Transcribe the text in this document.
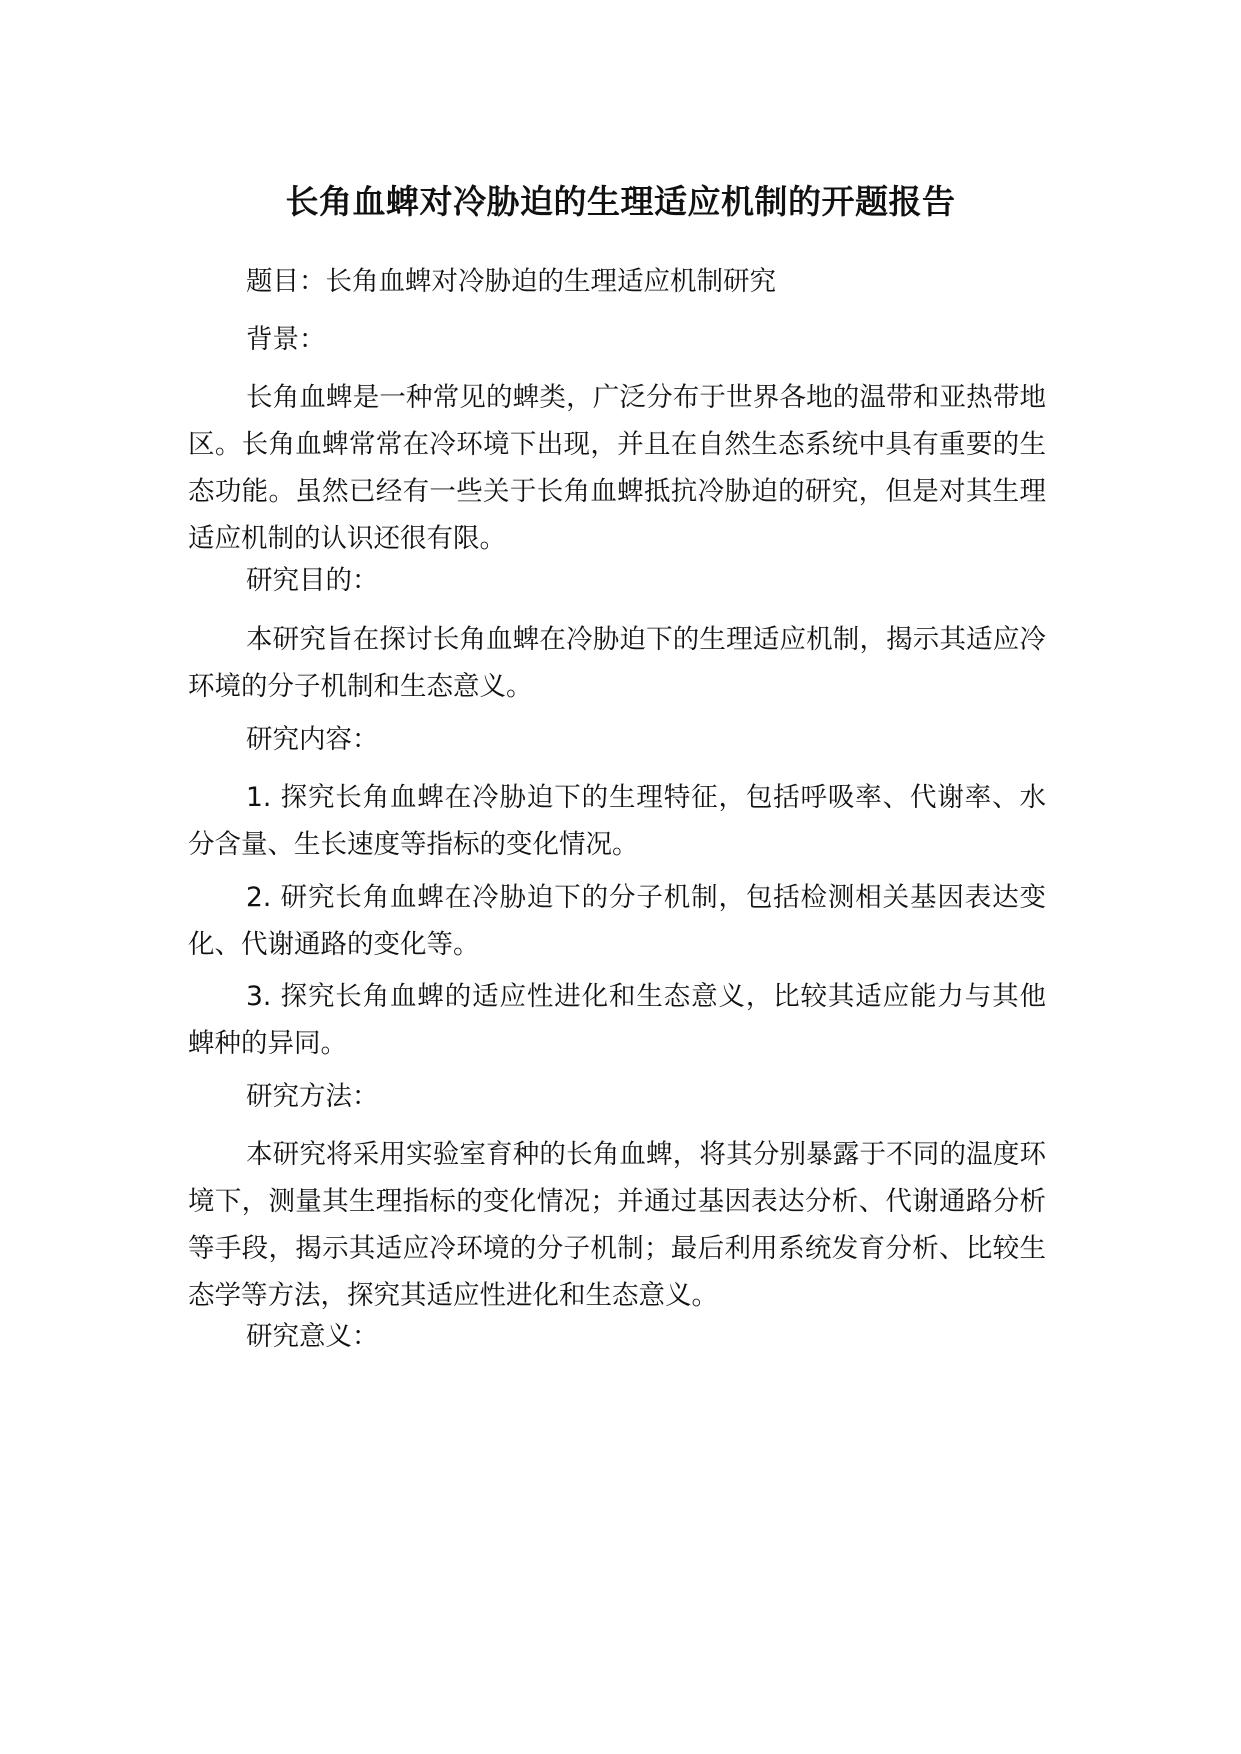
长角血蜱对冷胁迫的生理适应机制的开题报告

题目：长角血蜱对冷胁迫的生理适应机制研究

背景：

长角血蜱是一种常见的蜱类，广泛分布于世界各地的温带和亚热带地区。长角血蜱常常在冷环境下出现，并且在自然生态系统中具有重要的生态功能。虽然已经有一些关于长角血蜱抵抗冷胁迫的研究，但是对其生理适应机制的认识还很有限。

研究目的：

本研究旨在探讨长角血蜱在冷胁迫下的生理适应机制，揭示其适应冷环境的分子机制和生态意义。

研究内容：

1. 探究长角血蜱在冷胁迫下的生理特征，包括呼吸率、代谢率、水分含量、生长速度等指标的变化情况。

2. 研究长角血蜱在冷胁迫下的分子机制，包括检测相关基因表达变化、代谢通路的变化等。

3. 探究长角血蜱的适应性进化和生态意义，比较其适应能力与其他蜱种的异同。

研究方法：

本研究将采用实验室育种的长角血蜱，将其分别暴露于不同的温度环境下，测量其生理指标的变化情况；并通过基因表达分析、代谢通路分析等手段，揭示其适应冷环境的分子机制；最后利用系统发育分析、比较生态学等方法，探究其适应性进化和生态意义。

研究意义：
